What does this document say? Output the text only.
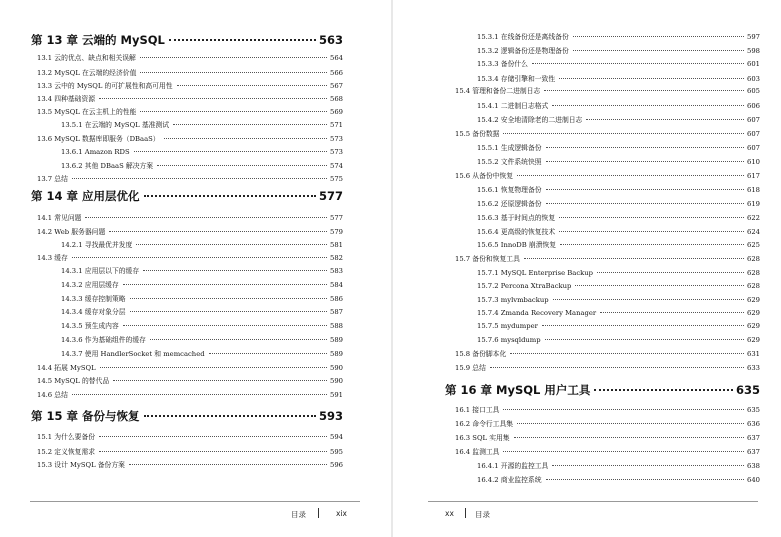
第 13 章 云端的 MySQL	563
13.1 云的优点、缺点和相关误解	564
13.2 MySQL 在云端的经济价值	566
13.3 云中的 MySQL 的可扩展性和高可用性	567
13.4 四种基础资源	568
13.5 MySQL 在云主机上的性能	569
13.5.1 在云端的 MySQL 基准测试	571
13.6 MySQL 数据库即服务（DBaaS）	573
13.6.1 Amazon RDS	573
13.6.2 其他 DBaaS 解决方案	574
13.7 总结	575
第 14 章 应用层优化	577
14.1 常见问题	577
14.2 Web 服务器问题	579
14.2.1 寻找最优并发度	581
14.3 缓存	582
14.3.1 应用层以下的缓存	583
14.3.2 应用层缓存	584
14.3.3 缓存控制策略	586
14.3.4 缓存对象分层	587
14.3.5 预生成内容	588
14.3.6 作为基础组件的缓存	589
14.3.7 使用 HandlerSocket 和 memcached	589
14.4 拓展 MySQL	590
14.5 MySQL 的替代品	590
14.6 总结	591
第 15 章 备份与恢复	593
15.1 为什么要备份	594
15.2 定义恢复需求	595
15.3 设计 MySQL 备份方案	596
目录	xix
15.3.1 在线备份还是离线备份	597
15.3.2 逻辑备份还是物理备份	598
15.3.3 备份什么	601
15.3.4 存储引擎和一致性	603
15.4 管理和备份二进制日志	605
15.4.1 二进制日志格式	606
15.4.2 安全地清除老的二进制日志	607
15.5 备份数据	607
15.5.1 生成逻辑备份	607
15.5.2 文件系统快照	610
15.6 从备份中恢复	617
15.6.1 恢复物理备份	618
15.6.2 还原逻辑备份	619
15.6.3 基于时间点的恢复	622
15.6.4 更高级的恢复技术	624
15.6.5 InnoDB 崩溃恢复	625
15.7 备份和恢复工具	628
15.7.1 MySQL Enterprise Backup	628
15.7.2 Percona XtraBackup	628
15.7.3 mylvmbackup	629
15.7.4 Zmanda Recovery Manager	629
15.7.5 mydumper	629
15.7.6 mysqldump	629
15.8 备份脚本化	631
15.9 总结	633
第 16 章 MySQL 用户工具	635
16.1 接口工具	635
16.2 命令行工具集	636
16.3 SQL 实用集	637
16.4 监测工具	637
16.4.1 开源的监控工具	638
16.4.2 商业监控系统	640
xx	目录
